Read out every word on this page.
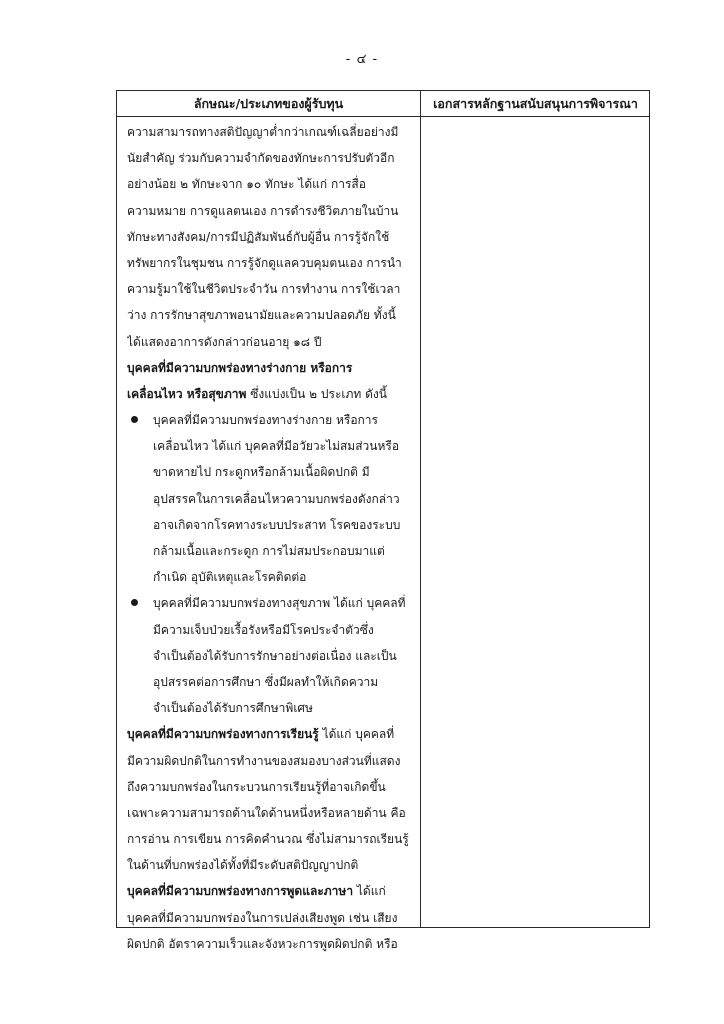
- ๔ -
ลักษณะ/ประเภทของผู้รับทุน	เอกสารหลักฐานสนับสนุนการพิจารณา
ความสามารถทางสติปัญญาต่ำกว่าเกณฑ์เฉลี่ยอย่างมี
นัยสำคัญ ร่วมกับความจำกัดของทักษะการปรับตัวอีก
อย่างน้อย ๒ ทักษะจาก ๑๐ ทักษะ ได้แก่ การสื่อ
ความหมาย การดูแลตนเอง การดำรงชีวิตภายในบ้าน
ทักษะทางสังคม/การมีปฏิสัมพันธ์กับผู้อื่น การรู้จักใช้
ทรัพยากรในชุมชน การรู้จักดูแลควบคุมตนเอง การนำ
ความรู้มาใช้ในชีวิตประจำวัน การทำงาน การใช้เวลา
ว่าง การรักษาสุขภาพอนามัยและความปลอดภัย ทั้งนี้
ได้แสดงอาการดังกล่าวก่อนอายุ ๑๘ ปี
บุคคลที่มีความบกพร่องทางร่างกาย หรือการ
เคลื่อนไหว หรือสุขภาพ ซึ่งแบ่งเป็น ๒ ประเภท ดังนี้
บุคคลที่มีความบกพร่องทางร่างกาย หรือการ
เคลื่อนไหว ได้แก่ บุคคลที่มีอวัยวะไม่สมส่วนหรือ
ขาดหายไป กระดูกหรือกล้ามเนื้อผิดปกติ มี
อุปสรรคในการเคลื่อนไหวความบกพร่องดังกล่าว
อาจเกิดจากโรคทางระบบประสาท โรคของระบบ
กล้ามเนื้อและกระดูก การไม่สมประกอบมาแต่
กำเนิด อุบัติเหตุและโรคติดต่อ
บุคคลที่มีความบกพร่องทางสุขภาพ ได้แก่ บุคคลที่
มีความเจ็บป่วยเรื้อรังหรือมีโรคประจำตัวซึ่ง
จำเป็นต้องได้รับการรักษาอย่างต่อเนื่อง และเป็น
อุปสรรคต่อการศึกษา ซึ่งมีผลทำให้เกิดความ
จำเป็นต้องได้รับการศึกษาพิเศษ
บุคคลที่มีความบกพร่องทางการเรียนรู้ ได้แก่ บุคคลที่
มีความผิดปกติในการทำงานของสมองบางส่วนที่แสดง
ถึงความบกพร่องในกระบวนการเรียนรู้ที่อาจเกิดขึ้น
เฉพาะความสามารถด้านใดด้านหนึ่งหรือหลายด้าน คือ
การอ่าน การเขียน การคิดคำนวณ ซึ่งไม่สามารถเรียนรู้
ในด้านที่บกพร่องได้ทั้งที่มีระดับสติปัญญาปกติ
บุคคลที่มีความบกพร่องทางการพูดและภาษา ได้แก่
บุคคลที่มีความบกพร่องในการเปล่งเสียงพูด เช่น เสียง
ผิดปกติ อัตราความเร็วและจังหวะการพูดผิดปกติ หรือ
